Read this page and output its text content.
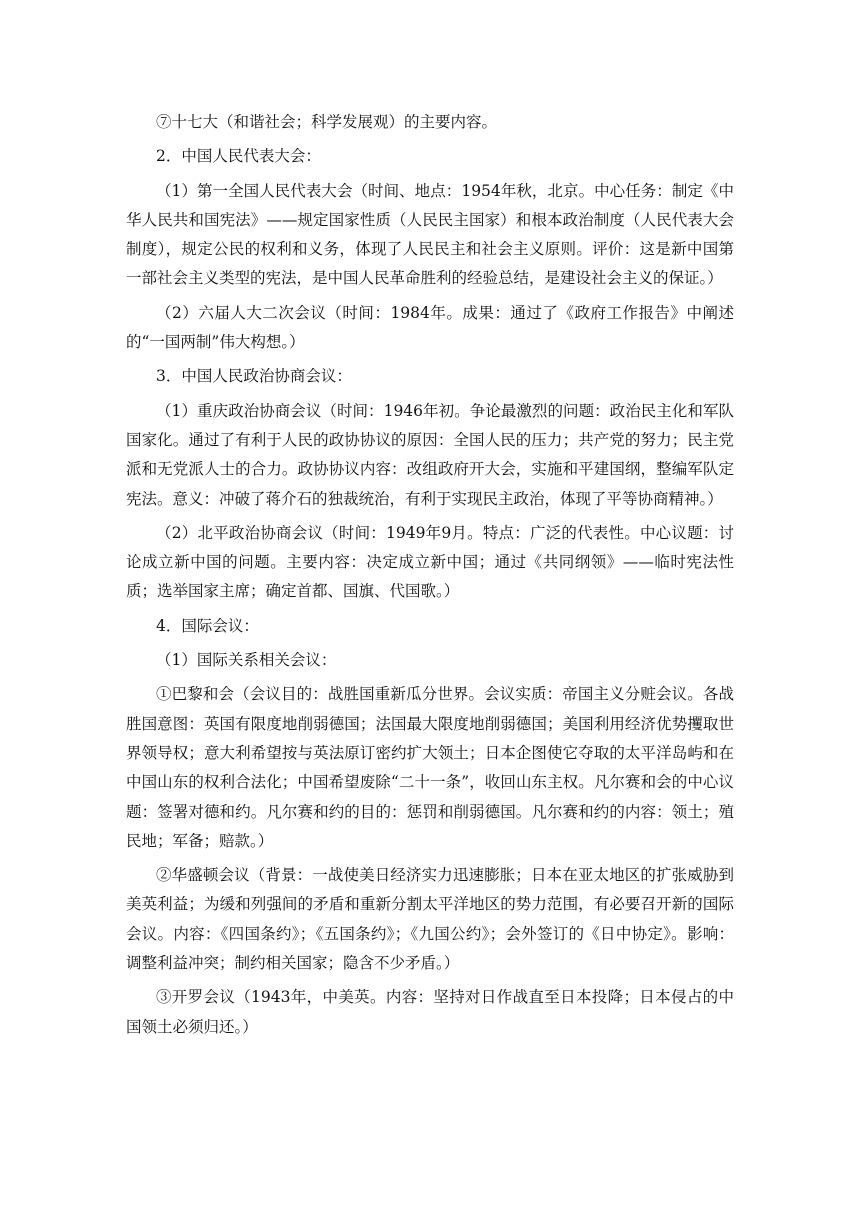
⑦十七大（和谐社会；科学发展观）的主要内容。

2．中国人民代表大会：

（1）第一全国人民代表大会（时间、地点：1954年秋，北京。中心任务：制定《中华人民共和国宪法》——规定国家性质（人民民主国家）和根本政治制度（人民代表大会制度），规定公民的权利和义务，体现了人民民主和社会主义原则。评价：这是新中国第一部社会主义类型的宪法，是中国人民革命胜利的经验总结，是建设社会主义的保证。）

（2）六届人大二次会议（时间：1984年。成果：通过了《政府工作报告》中阐述的“一国两制”伟大构想。）

3．中国人民政治协商会议：

（1）重庆政治协商会议（时间：1946年初。争论最激烈的问题：政治民主化和军队国家化。通过了有利于人民的政协协议的原因：全国人民的压力；共产党的努力；民主党派和无党派人士的合力。政协协议内容：改组政府开大会，实施和平建国纲，整编军队定宪法。意义：冲破了蒋介石的独裁统治，有利于实现民主政治，体现了平等协商精神。）

（2）北平政治协商会议（时间：1949年9月。特点：广泛的代表性。中心议题：讨论成立新中国的问题。主要内容：决定成立新中国；通过《共同纲领》——临时宪法性质；选举国家主席；确定首都、国旗、代国歌。）

4．国际会议：

（1）国际关系相关会议：

①巴黎和会（会议目的：战胜国重新瓜分世界。会议实质：帝国主义分赃会议。各战胜国意图：英国有限度地削弱德国；法国最大限度地削弱德国；美国利用经济优势攫取世界领导权；意大利希望按与英法原订密约扩大领土；日本企图使它夺取的太平洋岛屿和在中国山东的权利合法化；中国希望废除“二十一条”，收回山东主权。凡尔赛和会的中心议题：签署对德和约。凡尔赛和约的目的：惩罚和削弱德国。凡尔赛和约的内容：领土；殖民地；军备；赔款。）

②华盛顿会议（背景：一战使美日经济实力迅速膨胀；日本在亚太地区的扩张威胁到美英利益；为缓和列强间的矛盾和重新分割太平洋地区的势力范围，有必要召开新的国际会议。内容：《四国条约》；《五国条约》；《九国公约》；会外签订的《日中协定》。影响：调整利益冲突；制约相关国家；隐含不少矛盾。）

③开罗会议（1943年，中美英。内容：坚持对日作战直至日本投降；日本侵占的中国领土必须归还。）
